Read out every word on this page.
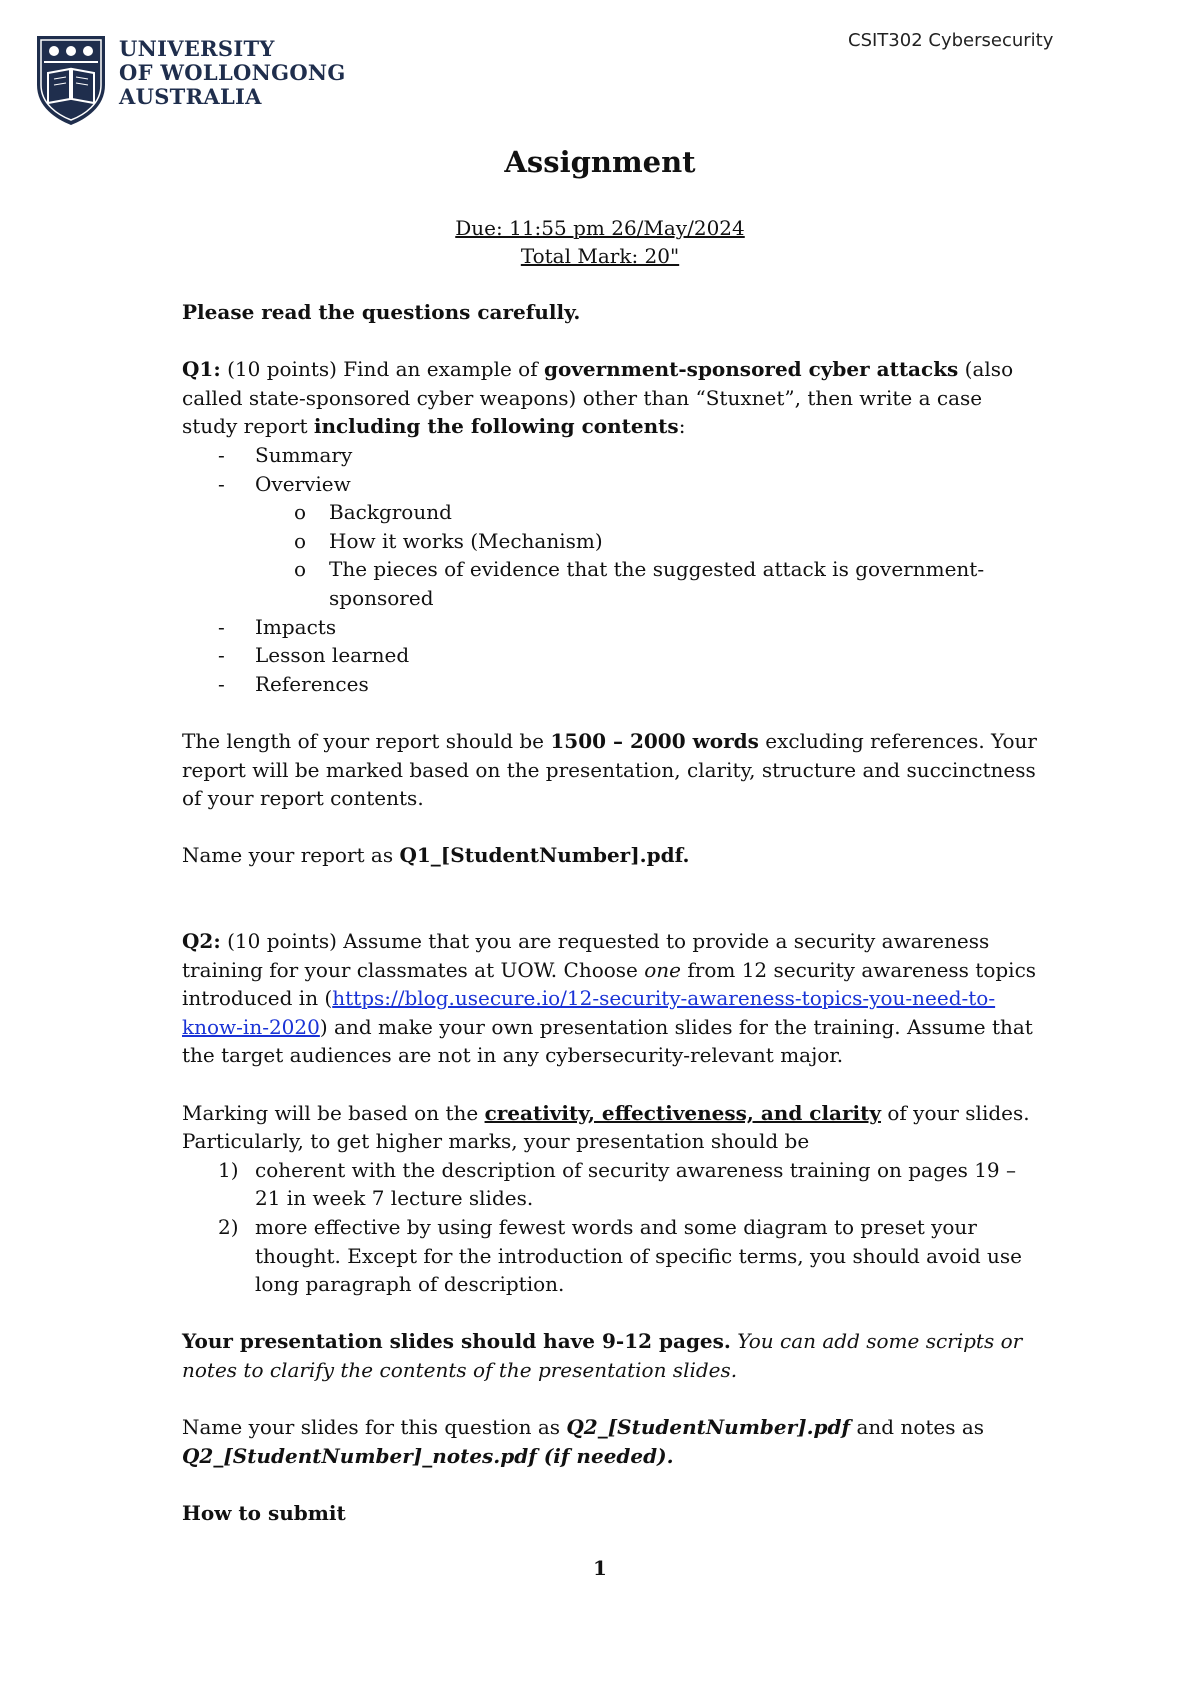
UNIVERSITY
OF WOLLONGONG
AUSTRALIA
CSIT302 Cybersecurity
Assignment
Due: 11:55 pm 26/May/2024
Total Mark: 20"

Please read the questions carefully.

Q1: (10 points) Find an example of government-sponsored cyber attacks (also called state-sponsored cyber weapons) other than “Stuxnet”, then write a case study report including the following contents:

- Summary
- Overview
o Background
o How it works (Mechanism)
o The pieces of evidence that the suggested attack is government-sponsored
- Impacts
- Lesson learned
- References

The length of your report should be 1500 – 2000 words excluding references. Your report will be marked based on the presentation, clarity, structure and succinctness of your report contents.

Name your report as Q1_[StudentNumber].pdf.

Q2: (10 points) Assume that you are requested to provide a security awareness training for your classmates at UOW. Choose one from 12 security awareness topics introduced in (https://blog.usecure.io/12-security-awareness-topics-you-need-to-know-in-2020) and make your own presentation slides for the training. Assume that the target audiences are not in any cybersecurity-relevant major.

Marking will be based on the creativity, effectiveness, and clarity of your slides. Particularly, to get higher marks, your presentation should be

1) coherent with the description of security awareness training on pages 19 – 21 in week 7 lecture slides.
2) more effective by using fewest words and some diagram to preset your thought. Except for the introduction of specific terms, you should avoid use long paragraph of description.

Your presentation slides should have 9-12 pages. You can add some scripts or notes to clarify the contents of the presentation slides.

Name your slides for this question as Q2_[StudentNumber].pdf and notes as Q2_[StudentNumber]_notes.pdf (if needed).

How to submit

1
